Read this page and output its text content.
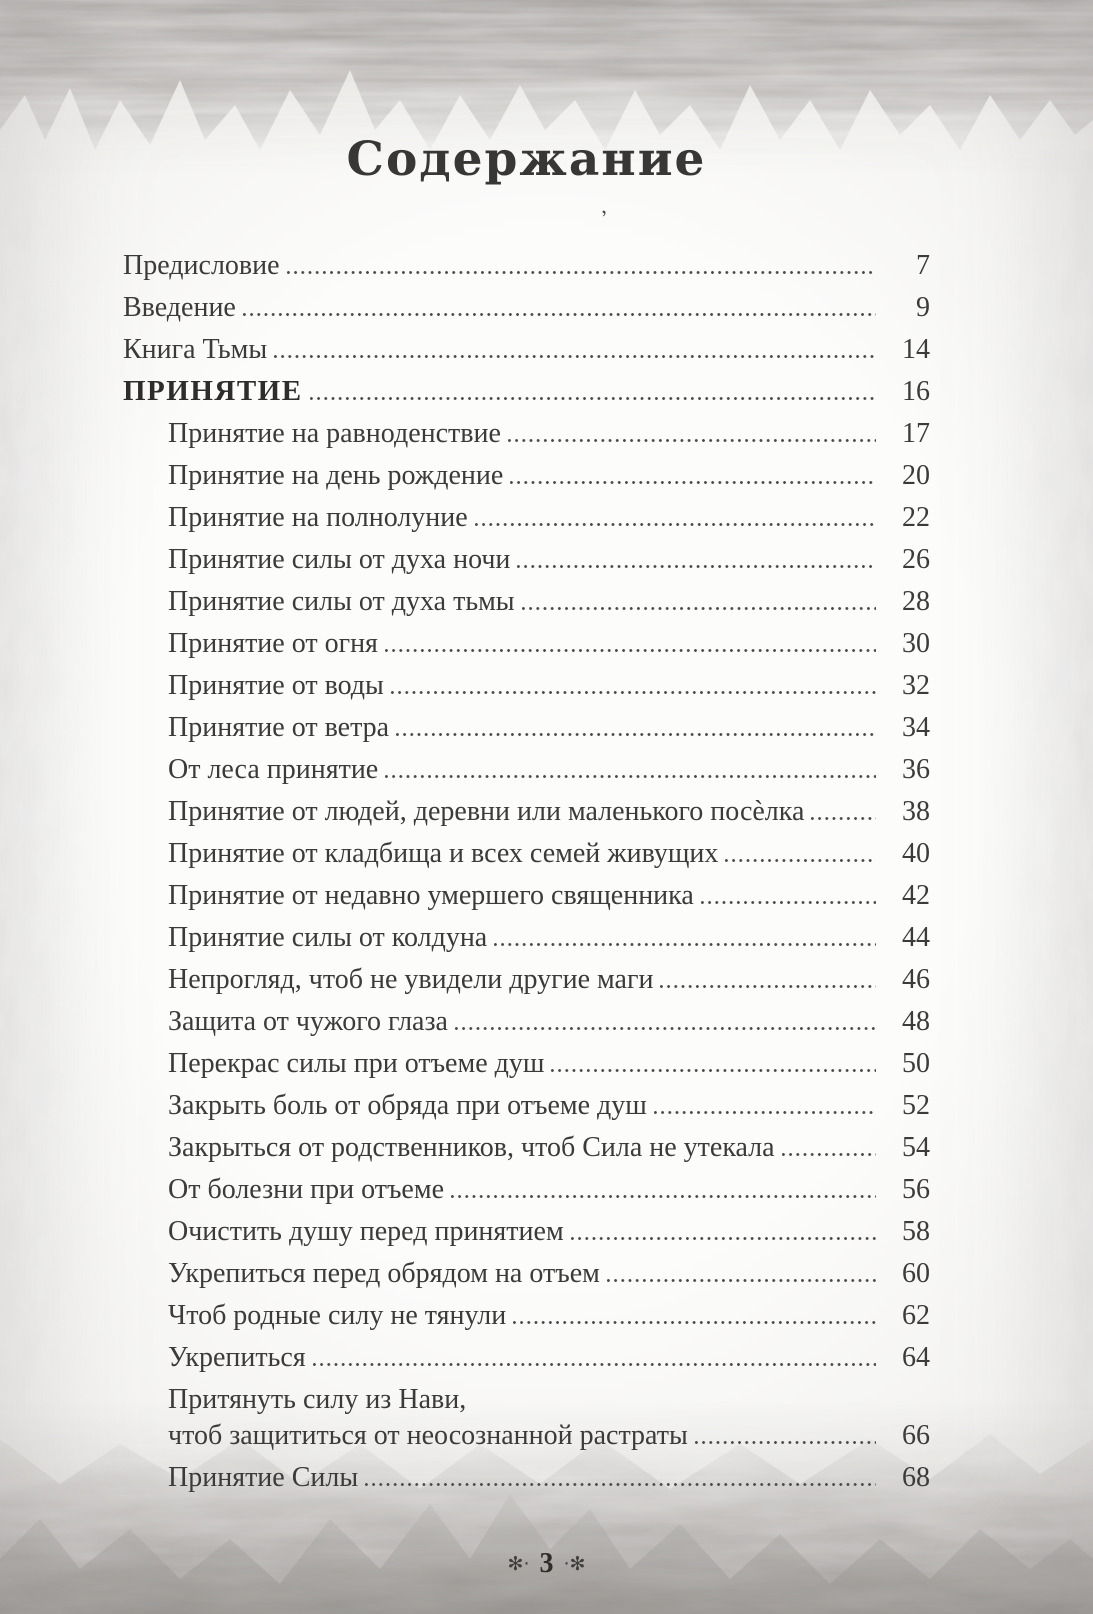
Содержание
,
Предисловие	7
Введение	9
Книга Тьмы	14
ПРИНЯТИЕ	16
Принятие на равноденствие	17
Принятие на день рождение	20
Принятие на полнолуние	22
Принятие силы от духа ночи	26
Принятие силы от духа тьмы	28
Принятие от огня	30
Принятие от воды	32
Принятие от ветра	34
От леса принятие	36
Принятие от людей, деревни или маленького посѐлка	38
Принятие от кладбища и всех семей живущих	40
Принятие от недавно умершего священника	42
Принятие силы от колдуна	44
Непрогляд, чтоб не увидели другие маги	46
Защита от чужого глаза	48
Перекрас силы при отъеме душ	50
Закрыть боль от обряда при отъеме душ	52
Закрыться от родственников, чтоб Сила не утекала	54
От болезни при отъеме	56
Очистить душу перед принятием	58
Укрепиться перед обрядом на отъем	60
Чтоб родные силу не тянули	62
Укрепиться	64
Притянуть силу из Нави,
чтоб защититься от неосознанной растраты	66
Принятие Силы	68
✻· 3 ·✻
